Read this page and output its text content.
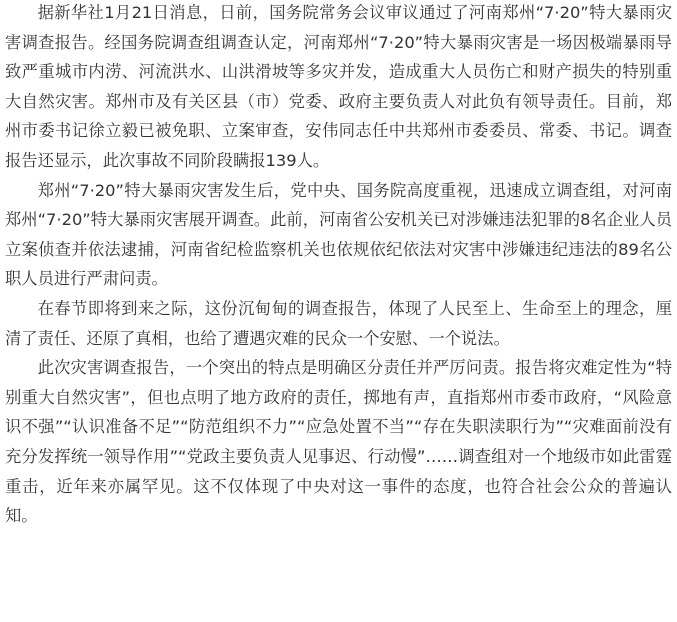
据新华社1月21日消息，日前，国务院常务会议审议通过了河南郑州“7·20”特大暴雨灾害调查报告。经国务院调查组调查认定，河南郑州“7·20”特大暴雨灾害是一场因极端暴雨导致严重城市内涝、河流洪水、山洪滑坡等多灾并发，造成重大人员伤亡和财产损失的特别重大自然灾害。郑州市及有关区县（市）党委、政府主要负责人对此负有领导责任。目前，郑州市委书记徐立毅已被免职、立案审查，安伟同志任中共郑州市委委员、常委、书记。调查报告还显示，此次事故不同阶段瞒报139人。

郑州“7·20”特大暴雨灾害发生后，党中央、国务院高度重视，迅速成立调查组，对河南郑州“7·20”特大暴雨灾害展开调查。此前，河南省公安机关已对涉嫌违法犯罪的8名企业人员立案侦查并依法逮捕，河南省纪检监察机关也依规依纪依法对灾害中涉嫌违纪违法的89名公职人员进行严肃问责。

在春节即将到来之际，这份沉甸甸的调查报告，体现了人民至上、生命至上的理念，厘清了责任、还原了真相，也给了遭遇灾难的民众一个安慰、一个说法。

此次灾害调查报告，一个突出的特点是明确区分责任并严厉问责。报告将灾难定性为“特别重大自然灾害”，但也点明了地方政府的责任，掷地有声，直指郑州市委市政府，“风险意识不强”“认识准备不足”“防范组织不力”“应急处置不当”“存在失职渎职行为”“灾难面前没有充分发挥统一领导作用”“党政主要负责人见事迟、行动慢”……调查组对一个地级市如此雷霆重击，近年来亦属罕见。这不仅体现了中央对这一事件的态度，也符合社会公众的普遍认知。
